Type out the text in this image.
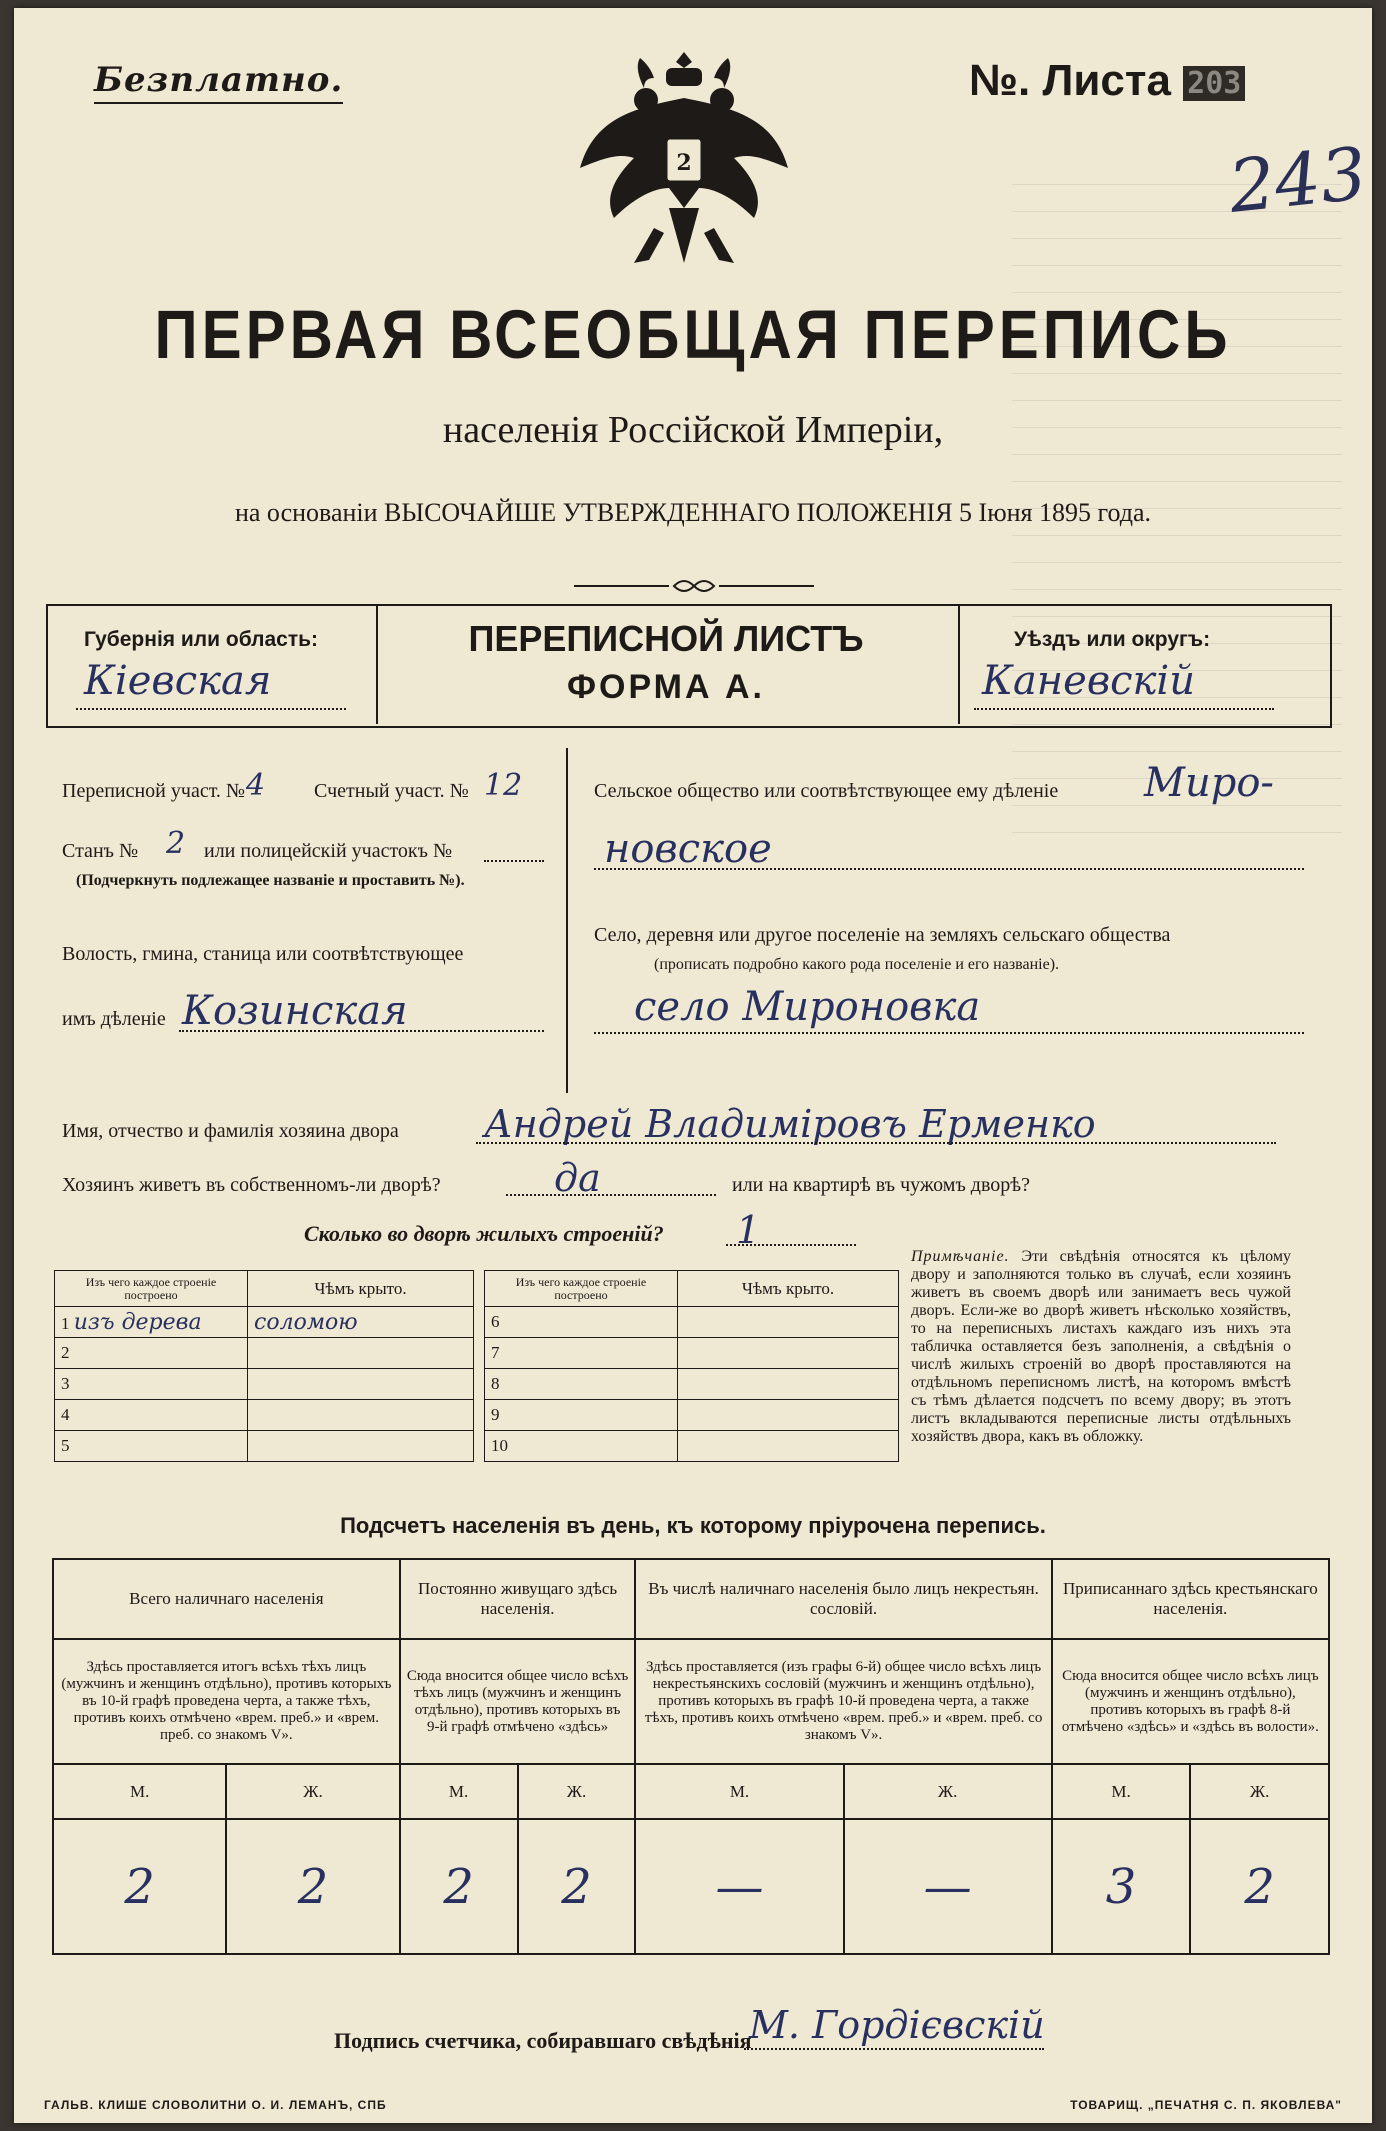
Безплатно.	№. Листа 203
243
2
ПЕРВАЯ ВСЕОБЩАЯ ПЕРЕПИСЬ
населенія Россійской Имперіи,
на основаніи ВЫСОЧАЙШЕ УТВЕРЖДЕННАГО ПОЛОЖЕНІЯ 5 Іюня 1895 года.
Губернія или область:
Кіевская
ПЕРЕПИСНОЙ ЛИСТЪ
ФОРМА А.
Уѣздъ или округъ:
Каневскій
Переписной участ. № 4 Счетный участ. № 12
Станъ № 2 или полицейскій участокъ №
(Подчеркнуть подлежащее названіе и проставить №).
Волость, гмина, станица или соотвѣтствующее
имъ дѣленіе Козинская
Сельское общество или соотвѣтствующее ему дѣленіе Миро-
новское
Село, деревня или другое поселеніе на земляхъ сельскаго общества
(прописать подробно какого рода поселеніе и его названіе).
село Мироновка
Имя, отчество и фамилія хозяина двора Андрей Владиміровъ Ерменко
Хозяинъ живетъ въ собственномъ-ли дворѣ?	да	или на квартирѣ въ чужомъ дворѣ?
Сколько во дворѣ жилыхъ строеній? 1
Изъ чего каждое строеніе построено	Чѣмъ крыто.
1 изъ дерева	соломою
2	
3	
4	
5	
Изъ чего каждое строеніе построено	Чѣмъ крыто.
6	
7	
8	
9	
10	
Примѣчаніе. Эти свѣдѣнія относятся къ цѣлому двору и заполняются только въ случаѣ, если хозяинъ живетъ въ своемъ дворѣ или занимаетъ весь чужой дворъ. Если-же во дворѣ живетъ нѣсколько хозяйствъ, то на переписныхъ листахъ каждаго изъ нихъ эта табличка оставляется безъ заполненія, а свѣдѣнія о числѣ жилыхъ строеній во дворѣ проставляются на отдѣльномъ переписномъ листѣ, на которомъ вмѣстѣ съ тѣмъ дѣлается подсчетъ по всему двору; въ этотъ листъ вкладываются переписные листы отдѣльныхъ хозяйствъ двора, какъ въ обложку.
Подсчетъ населенія въ день, къ которому пріурочена перепись.
Всего наличнаго населенія		Постоянно живущаго здѣсь населенія.		Въ числѣ наличнаго населенія было лицъ некрестьян. сословій.		Приписаннаго здѣсь крестьянскаго населенія.	
Здѣсь проставляется итогъ всѣхъ тѣхъ лицъ (мужчинъ и женщинъ отдѣльно), противъ которыхъ въ 10-й графѣ проведена черта, а также тѣхъ, противъ коихъ отмѣчено «врем. преб.» и «врем. преб. со знакомъ V».		Сюда вносится общее число всѣхъ тѣхъ лицъ (мужчинъ и женщинъ отдѣльно), противъ которыхъ въ 9-й графѣ отмѣчено «здѣсь»		Здѣсь проставляется (изъ графы 6-й) общее число всѣхъ лицъ некрестьянскихъ сословій (мужчинъ и женщинъ отдѣльно), противъ которыхъ въ графѣ 10-й проведена черта, а также тѣхъ, противъ коихъ отмѣчено «врем. преб.» и «врем. преб. со знакомъ V».		Сюда вносится общее число всѣхъ лицъ (мужчинъ и женщинъ отдѣльно), противъ которыхъ въ графѣ 8-й отмѣчено «здѣсь» и «здѣсь въ волости».	
М.	Ж.	М.	Ж.	М.	Ж.	М.	Ж.
2	2	2	2	—	—	3	2
Подпись счетчика, собиравшаго свѣдѣнія
М. Гордієвскій
ГАЛЬВ. КЛИШЕ СЛОВОЛИТНИ О. И. ЛЕМАНЪ, СПБ	ТОВАРИЩ. „ПЕЧАТНЯ С. П. ЯКОВЛЕВА"
